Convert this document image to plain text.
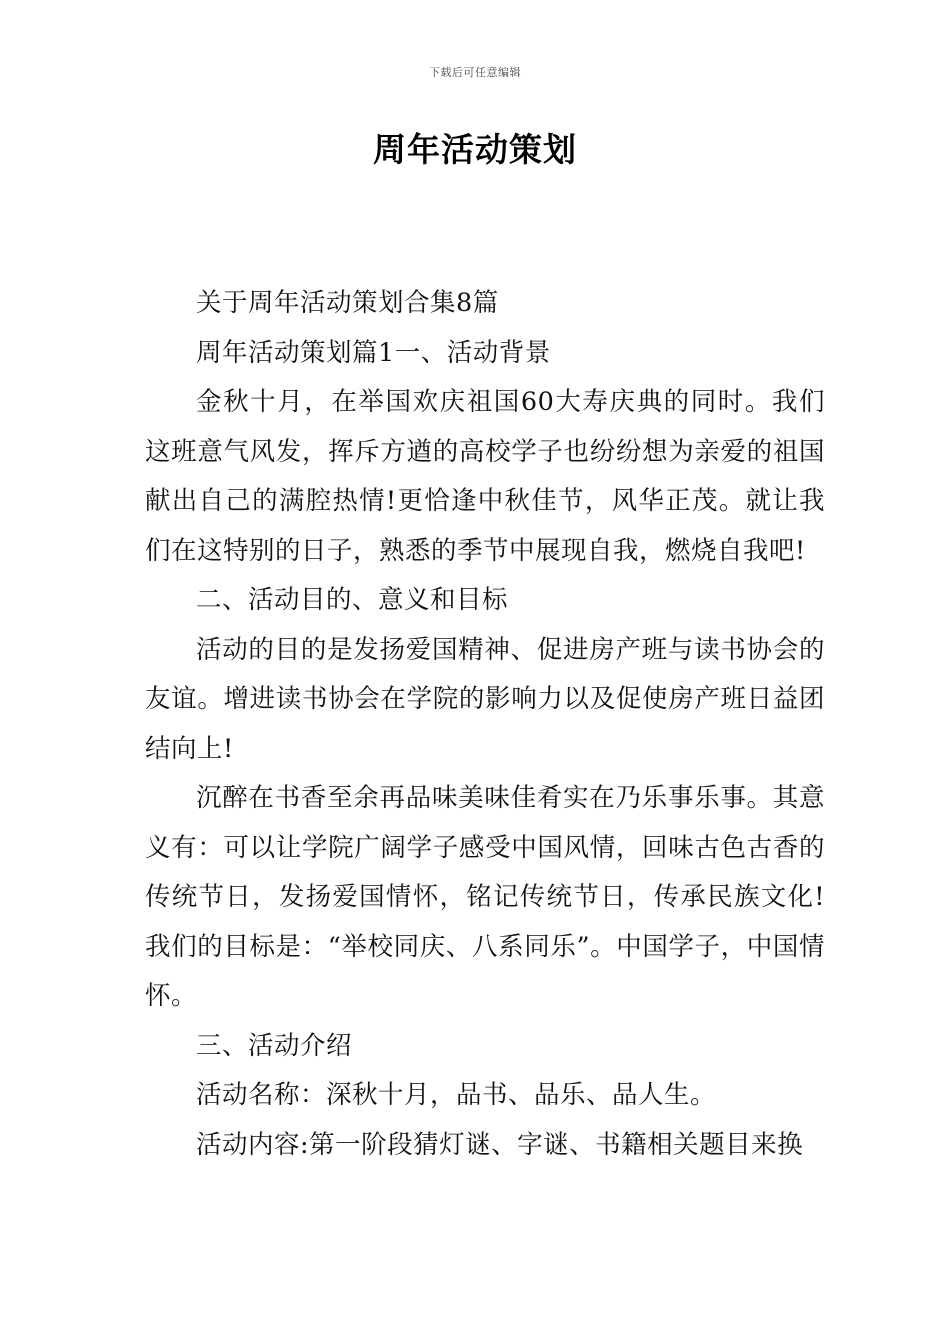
下载后可任意编辑
周年活动策划

关于周年活动策划合集8篇

周年活动策划篇1一、活动背景

金秋十月，在举国欢庆祖国60大寿庆典的同时。我们这班意气风发，挥斥方遒的高校学子也纷纷想为亲爱的祖国献出自己的满腔热情!更恰逢中秋佳节，风华正茂。就让我们在这特别的日子，熟悉的季节中展现自我，燃烧自我吧!

二、活动目的、意义和目标

活动的目的是发扬爱国精神、促进房产班与读书协会的友谊。增进读书协会在学院的影响力以及促使房产班日益团结向上!

沉醉在书香至余再品味美味佳肴实在乃乐事乐事。其意义有：可以让学院广阔学子感受中国风情，回味古色古香的传统节日，发扬爱国情怀，铭记传统节日，传承民族文化!我们的目标是：“举校同庆、八系同乐”。中国学子，中国情怀。

三、活动介绍

活动名称：深秋十月，品书、品乐、品人生。

活动内容:第一阶段猜灯谜、字谜、书籍相关题目来换
